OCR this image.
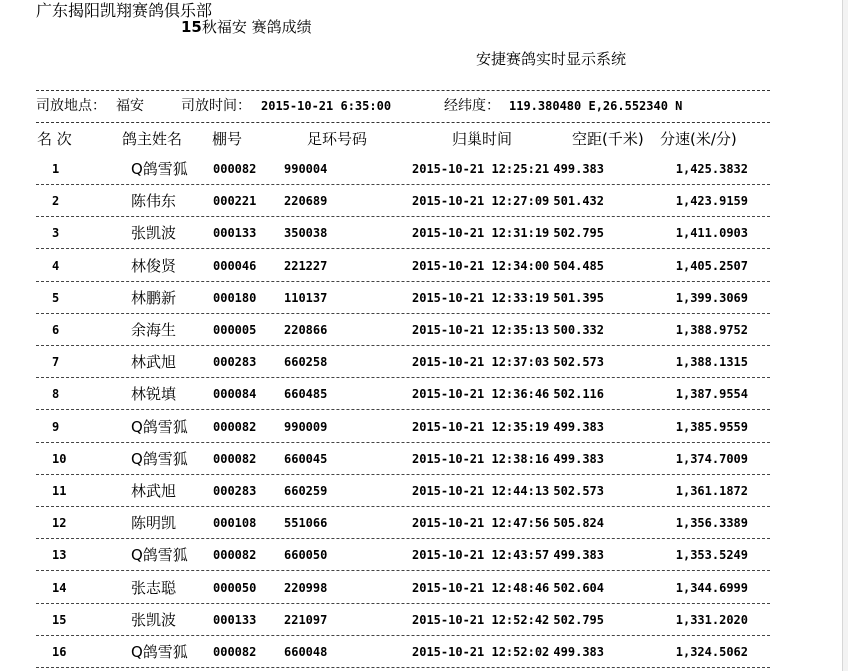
广东揭阳凯翔赛鸽俱乐部
15秋福安 赛鸽成绩
安捷赛鸽实时显示系统
司放地点： 福安	司放时间： 2015-10-21 6:35:00	经纬度： 119.380480 E,26.552340 N
名 次	鸽主姓名 棚号	足环号码	归巢时间	空距(千米) 分速(米/分)
1	Q鸽雪狐 000082 990004	2015-10-21 12:25:21 499.383	1,425.3832
2	陈伟东	000221 220689	2015-10-21 12:27:09 501.432	1,423.9159
3	张凯波	000133 350038	2015-10-21 12:31:19 502.795	1,411.0903
4	林俊贤	000046 221227	2015-10-21 12:34:00 504.485	1,405.2507
5	林鹏新	000180 110137	2015-10-21 12:33:19 501.395	1,399.3069
6	余海生	000005 220866	2015-10-21 12:35:13 500.332	1,388.9752
7	林武旭	000283 660258	2015-10-21 12:37:03 502.573	1,388.1315
8	林锐填	000084 660485	2015-10-21 12:36:46 502.116	1,387.9554
9	Q鸽雪狐 000082 990009	2015-10-21 12:35:19 499.383	1,385.9559
10	Q鸽雪狐 000082 660045	2015-10-21 12:38:16 499.383	1,374.7009
11	林武旭	000283 660259	2015-10-21 12:44:13 502.573	1,361.1872
12	陈明凯	000108 551066	2015-10-21 12:47:56 505.824	1,356.3389
13	Q鸽雪狐 000082 660050	2015-10-21 12:43:57 499.383	1,353.5249
14	张志聪	000050 220998	2015-10-21 12:48:46 502.604	1,344.6999
15	张凯波	000133 221097	2015-10-21 12:52:42 502.795	1,331.2020
16	Q鸽雪狐 000082 660048	2015-10-21 12:52:02 499.383	1,324.5062
